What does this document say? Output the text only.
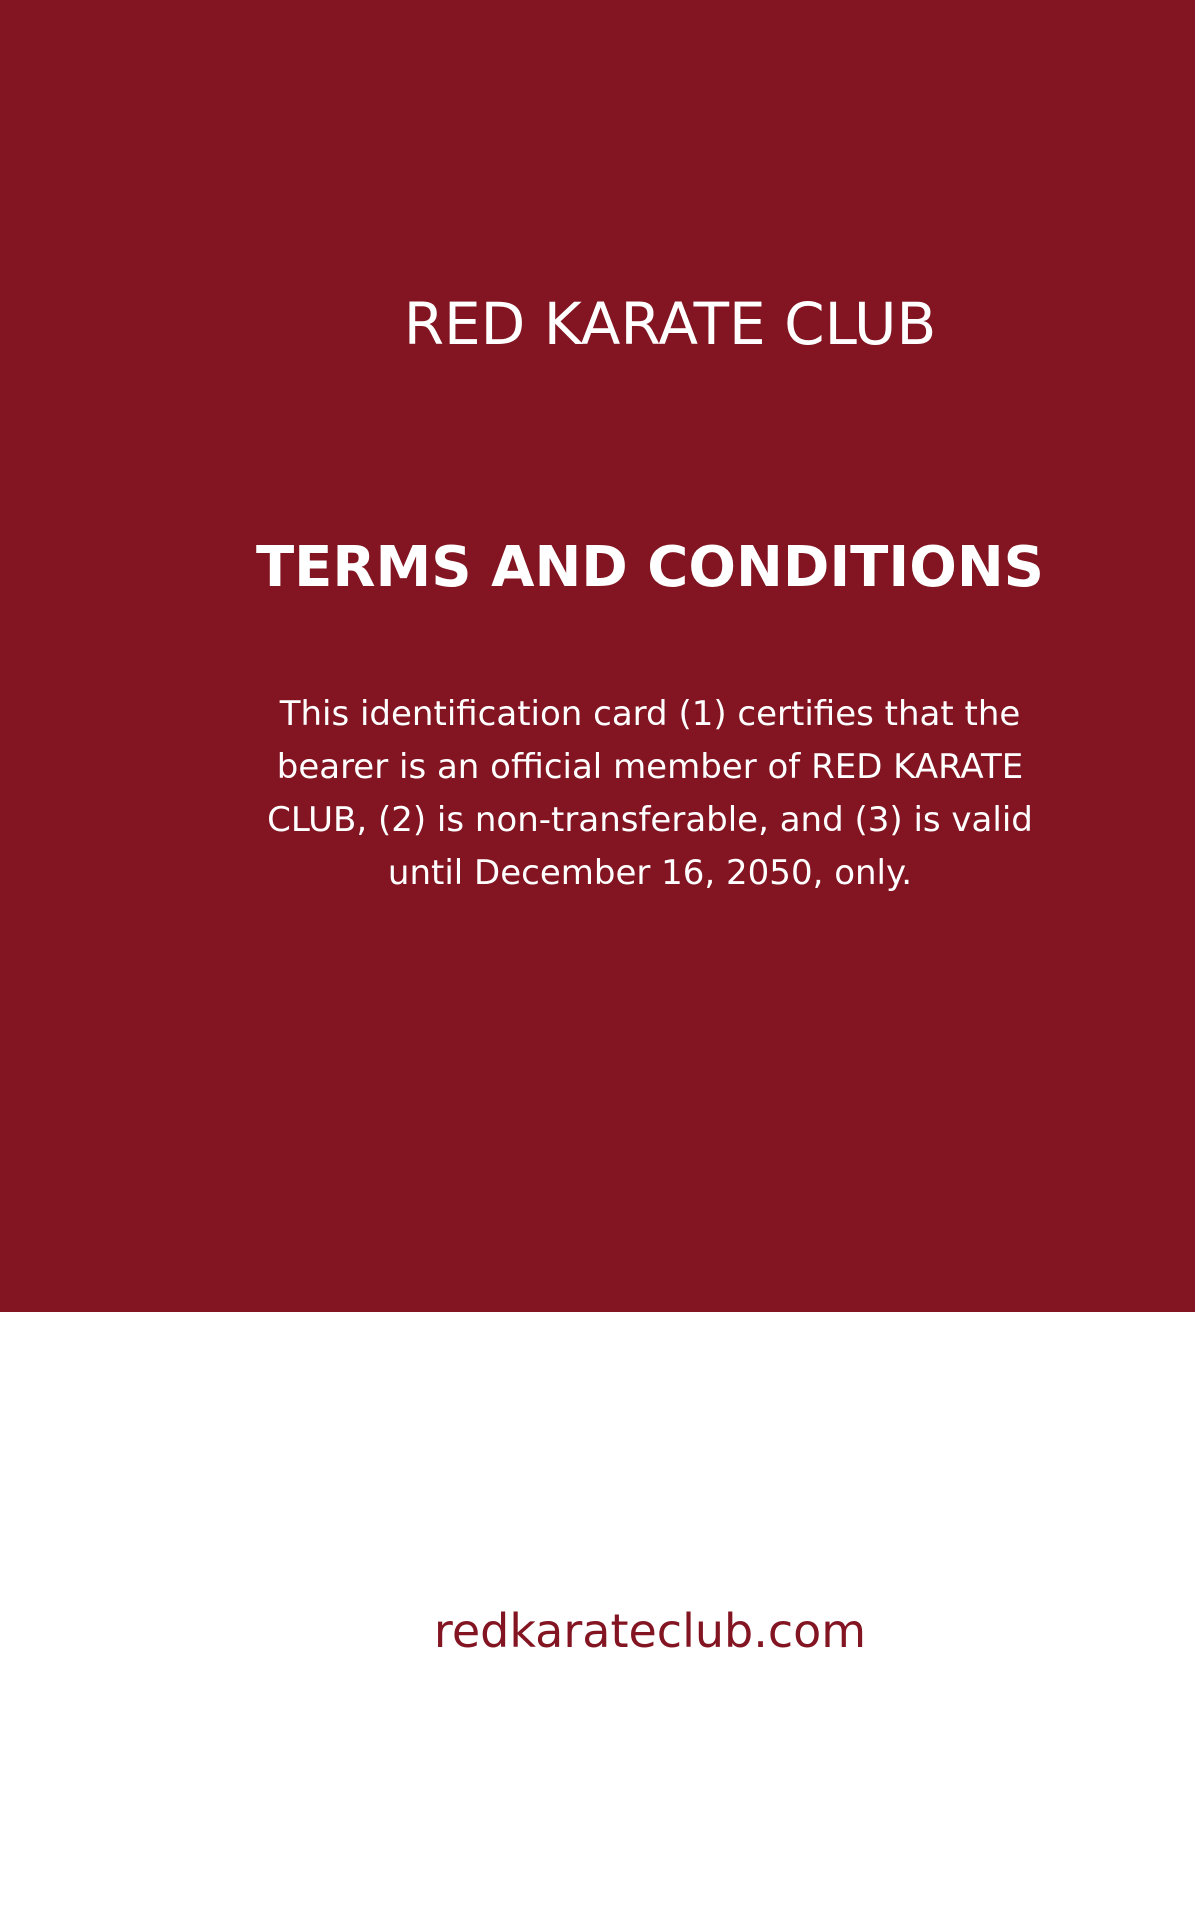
RED KARATE CLUB
TERMS AND CONDITIONS
This identification card (1) certifies that the bearer is an official member of RED KARATE CLUB, (2) is non-transferable, and (3) is valid until December 16, 2050, only.
redkarateclub.com
